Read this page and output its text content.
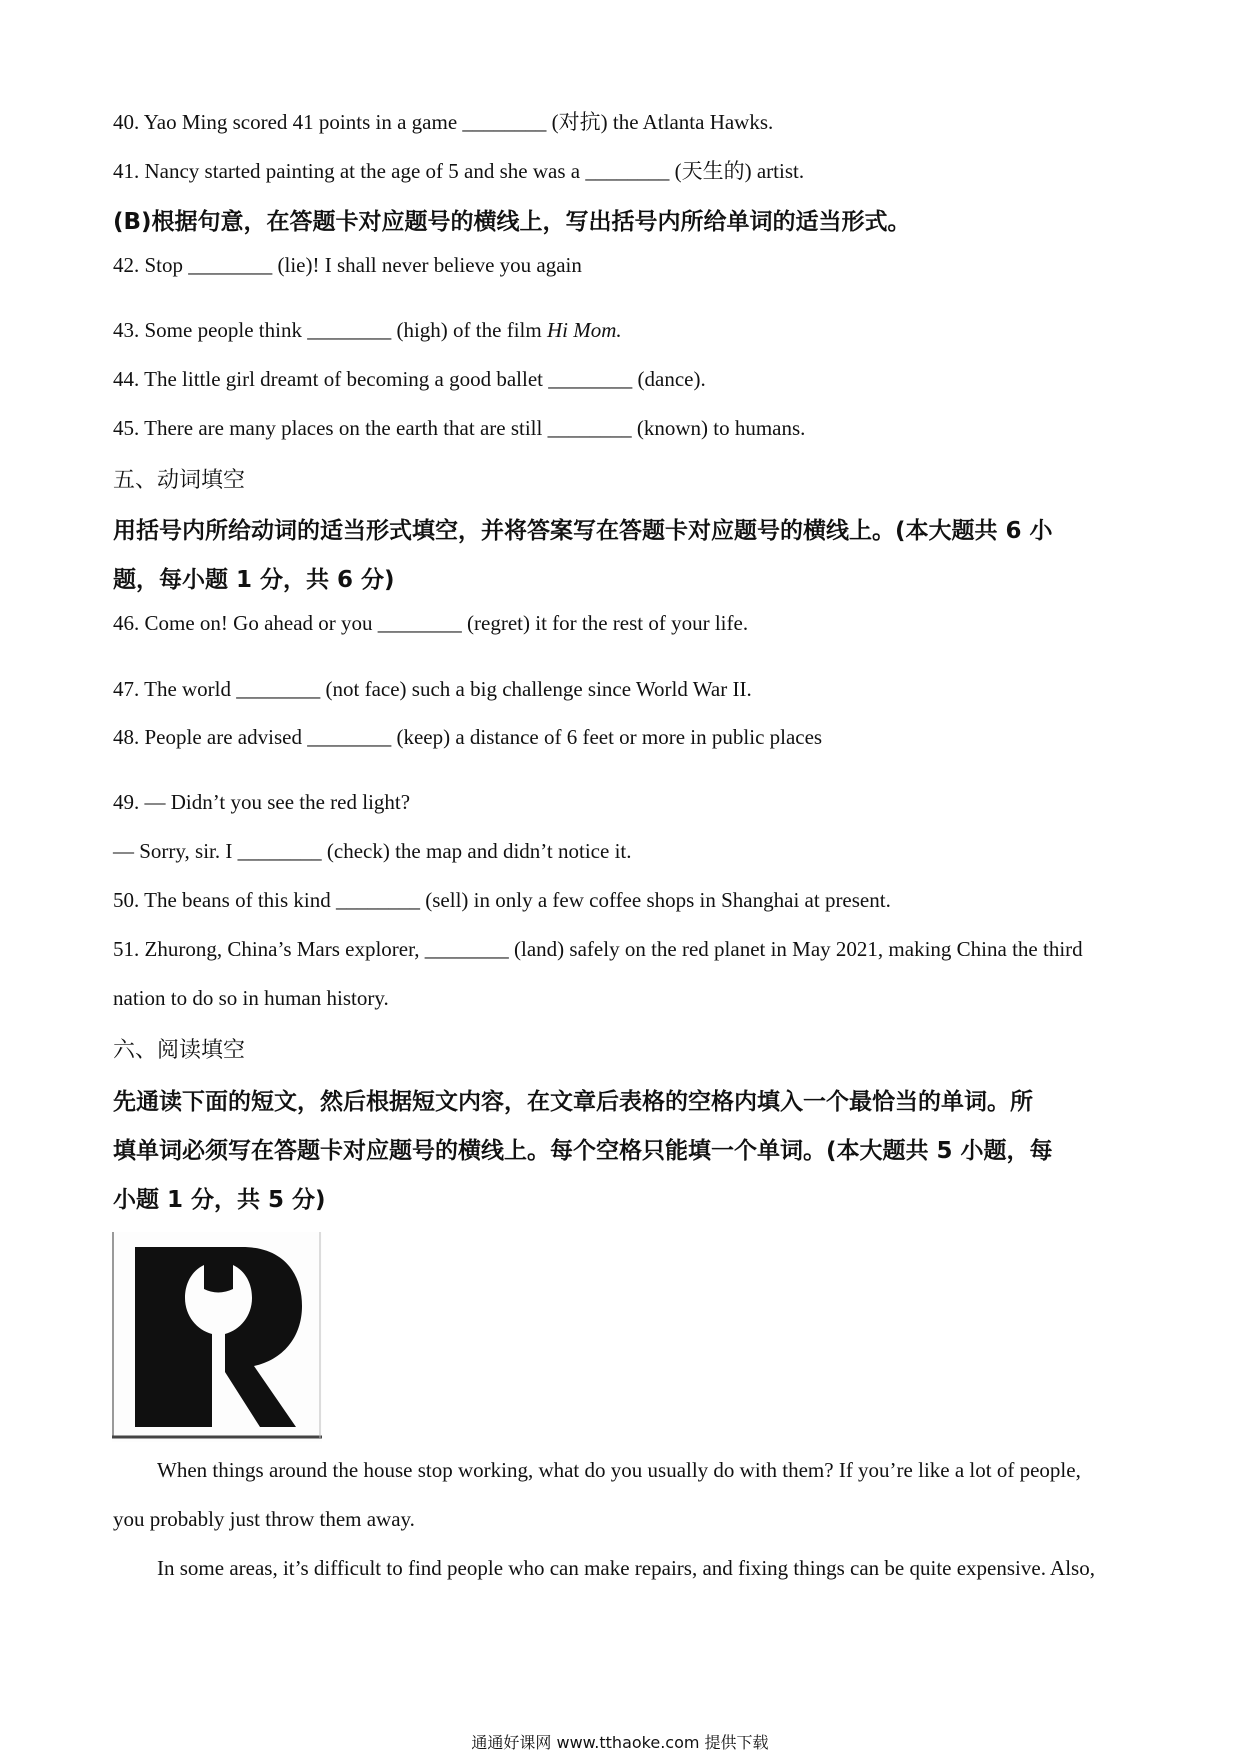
40. Yao Ming scored 41 points in a game ________ (对抗) the Atlanta Hawks.
41. Nancy started painting at the age of 5 and she was a ________ (天生的) artist.
(B)根据句意，在答题卡对应题号的横线上，写出括号内所给单词的适当形式。
42. Stop ________ (lie)! I shall never believe you again
43. Some people think ________ (high) of the film Hi Mom.
44. The little girl dreamt of becoming a good ballet ________ (dance).
45. There are many places on the earth that are still ________ (known) to humans.
五、动词填空
用括号内所给动词的适当形式填空，并将答案写在答题卡对应题号的横线上。(本大题共 6 小
题，每小题 1 分，共 6 分)
46. Come on! Go ahead or you ________ (regret) it for the rest of your life.
47. The world ________ (not face) such a big challenge since World War II.
48. People are advised ________ (keep) a distance of 6 feet or more in public places
49. — Didn’t you see the red light?
— Sorry, sir. I ________ (check) the map and didn’t notice it.
50. The beans of this kind ________ (sell) in only a few coffee shops in Shanghai at present.
51. Zhurong, China’s Mars explorer, ________ (land) safely on the red planet in May 2021, making China the third
nation to do so in human history.
六、阅读填空
先通读下面的短文，然后根据短文内容，在文章后表格的空格内填入一个最恰当的单词。所
填单词必须写在答题卡对应题号的横线上。每个空格只能填一个单词。(本大题共 5 小题，每
小题 1 分，共 5 分)
When things around the house stop working, what do you usually do with them? If you’re like a lot of people,
you probably just throw them away.
In some areas, it’s difficult to find people who can make repairs, and fixing things can be quite expensive. Also,
通通好课网 www.tthaoke.com 提供下载
